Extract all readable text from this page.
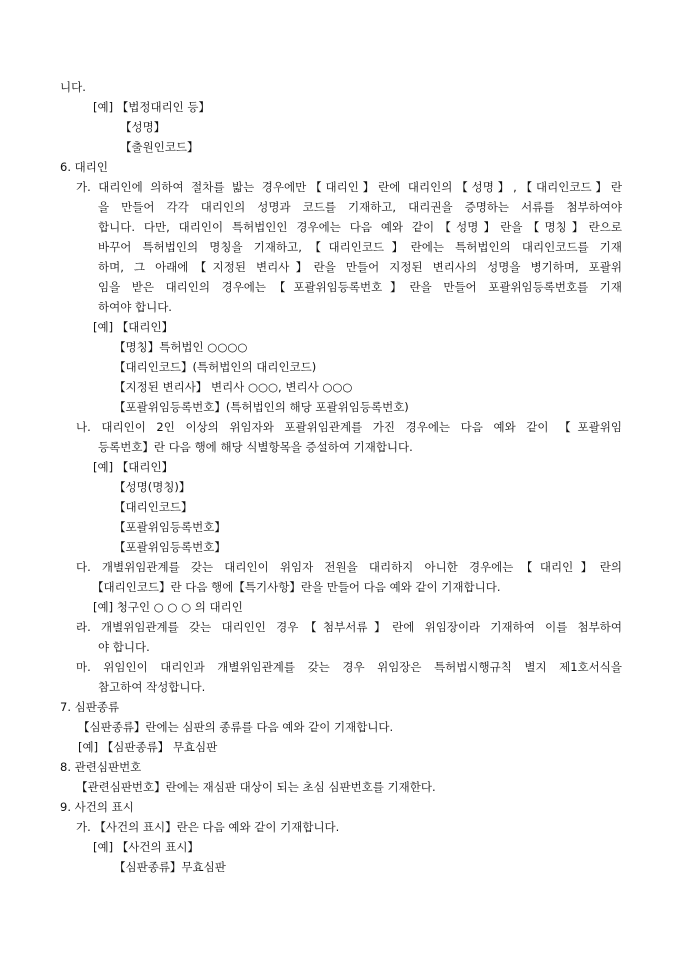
니다.
[예] 【법정대리인 등】
【성명】
【출원인코드】
6. 대리인
가. 대리인에 의하여 절차를 밟는 경우에만【대리인】란에 대리인의【성명】,【대리인코드】란
을 만들어 각각 대리인의 성명과 코드를 기재하고, 대리권을 증명하는 서류를 첨부하여야
합니다. 다만, 대리인이 특허법인인 경우에는 다음 예와 같이【성명】란을【명칭】란으로
바꾸어 특허법인의 명칭을 기재하고,【대리인코드】란에는 특허법인의 대리인코드를 기재
하며, 그 아래에【지정된 변리사】란을 만들어 지정된 변리사의 성명을 병기하며, 포괄위
임을 받은 대리인의 경우에는【포괄위임등록번호】란을 만들어 포괄위임등록번호를 기재
하여야 합니다.
[예] 【대리인】
【명칭】특허법인 ○○○○
【대리인코드】(특허법인의 대리인코드)
【지정된 변리사】 변리사 ○○○, 변리사 ○○○
【포괄위임등록번호】(특허법인의 해당 포괄위임등록번호)
나. 대리인이 2인 이상의 위임자와 포괄위임관계를 가진 경우에는 다음 예와 같이 【포괄위임
등록번호】란 다음 행에 해당 식별항목을 증설하여 기재합니다.
[예] 【대리인】
【성명(명칭)】
【대리인코드】
【포괄위임등록번호】
【포괄위임등록번호】
다. 개별위임관계를 갖는 대리인이 위임자 전원을 대리하지 아니한 경우에는【대리인】란의
【대리인코드】란 다음 행에【특기사항】란을 만들어 다음 예와 같이 기재합니다.
[예] 청구인 ○ ○ ○ 의 대리인
라. 개별위임관계를 갖는 대리인인 경우【첨부서류】란에 위임장이라 기재하여 이를 첨부하여
야 합니다.
마. 위임인이 대리인과 개별위임관계를 갖는 경우 위임장은 특허법시행규칙 별지 제1호서식을
참고하여 작성합니다.
7. 심판종류
【심판종류】란에는 심판의 종류를 다음 예와 같이 기재합니다.
[예] 【심판종류】 무효심판
8. 관련심판번호
【관련심판번호】란에는 재심판 대상이 되는 초심 심판번호를 기재한다.
9. 사건의 표시
가. 【사건의 표시】란은 다음 예와 같이 기재합니다.
[예] 【사건의 표시】
【심판종류】무효심판
